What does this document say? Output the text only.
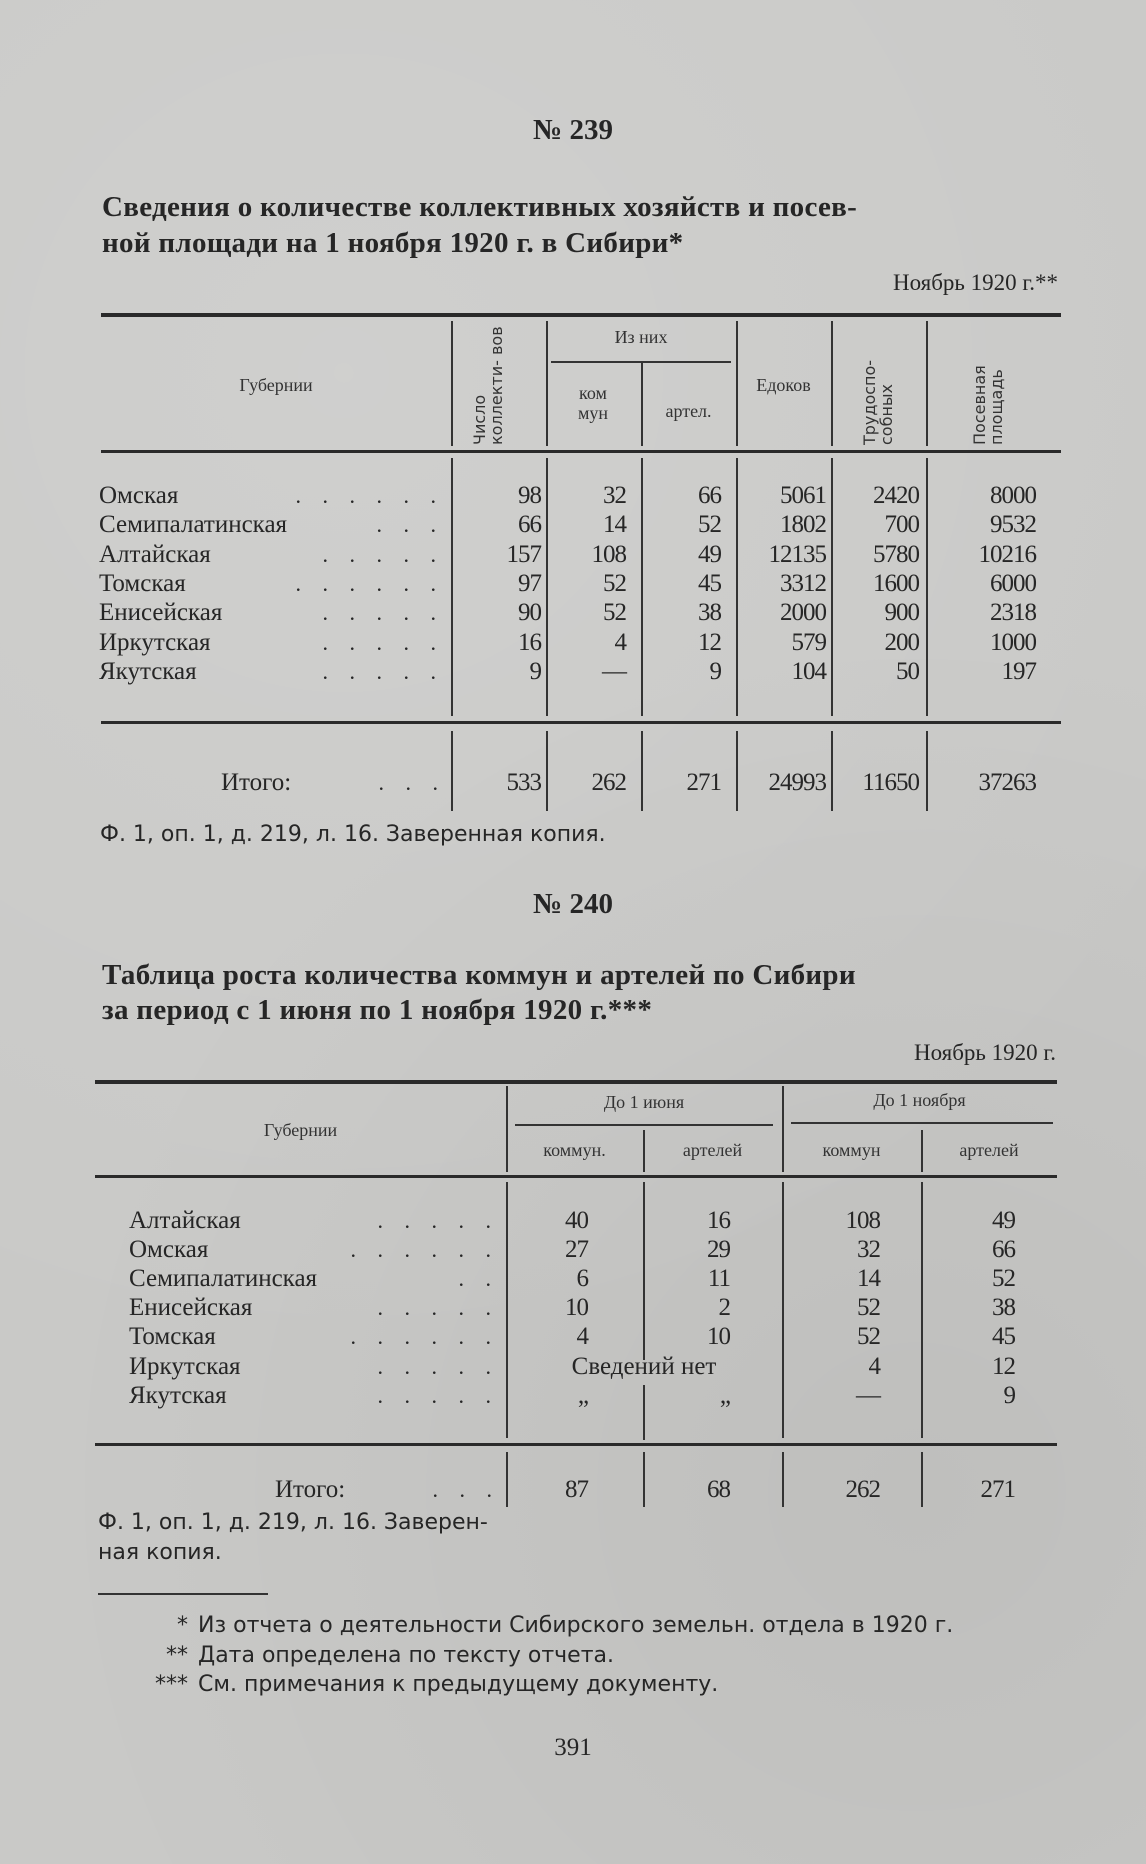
№ 239
Сведения о количестве коллективных хозяйств и посев-
ной площади на 1 ноября 1920 г. в Сибири*
Ноябрь 1920 г.**
Губернии
Число коллекти- вов	Из них
ком мун	артел.
Едоков	Трудоспо- собных	Посевная площадь
Омская	. . . . . .	98	32	66	5061	2420	8000
Семипалатинская	. . .	66	14	52	1802	700	9532
Алтайская	. . . . .	157	108	49	12135	5780	10216
Томская	. . . . . .	97	52	45	3312	1600	6000
Енисейская	. . . . .	90	52	38	2000	900	2318
Иркутская	. . . . .	16	4	12	579	200	1000
Якутская	. . . . .	9	—	9	104	50	197
Итого:	. . .	533	262	271	24993	11650	37263
Ф. 1, оп. 1, д. 219, л. 16. Заверенная копия.
№ 240
Таблица роста количества коммун и артелей по Сибири
за период с 1 июня по 1 ноября 1920 г.***
Ноябрь 1920 г.
Губернии
До 1 июня	До 1 ноября
коммун.	артелей	коммун	артелей
Алтайская	. . . . .	40	16	108	49
Омская	. . . . . .	27	29	32	66
Семипалатинская	. .	6	11	14	52
Енисейская	. . . . .	10	2	52	38
Томская	. . . . . .	4	10	52	45
Иркутская	. . . . .	Сведений нет	4	12
Якутская	. . . . .	„	„	—	9
Итого:	. . .	87	68	262	271
Ф. 1, оп. 1, д. 219, л. 16. Заверен-
ная копия.
* Из отчета о деятельности Сибирского земельн. отдела в 1920 г.
** Дата определена по тексту отчета.
*** См. примечания к предыдущему документу.
391
